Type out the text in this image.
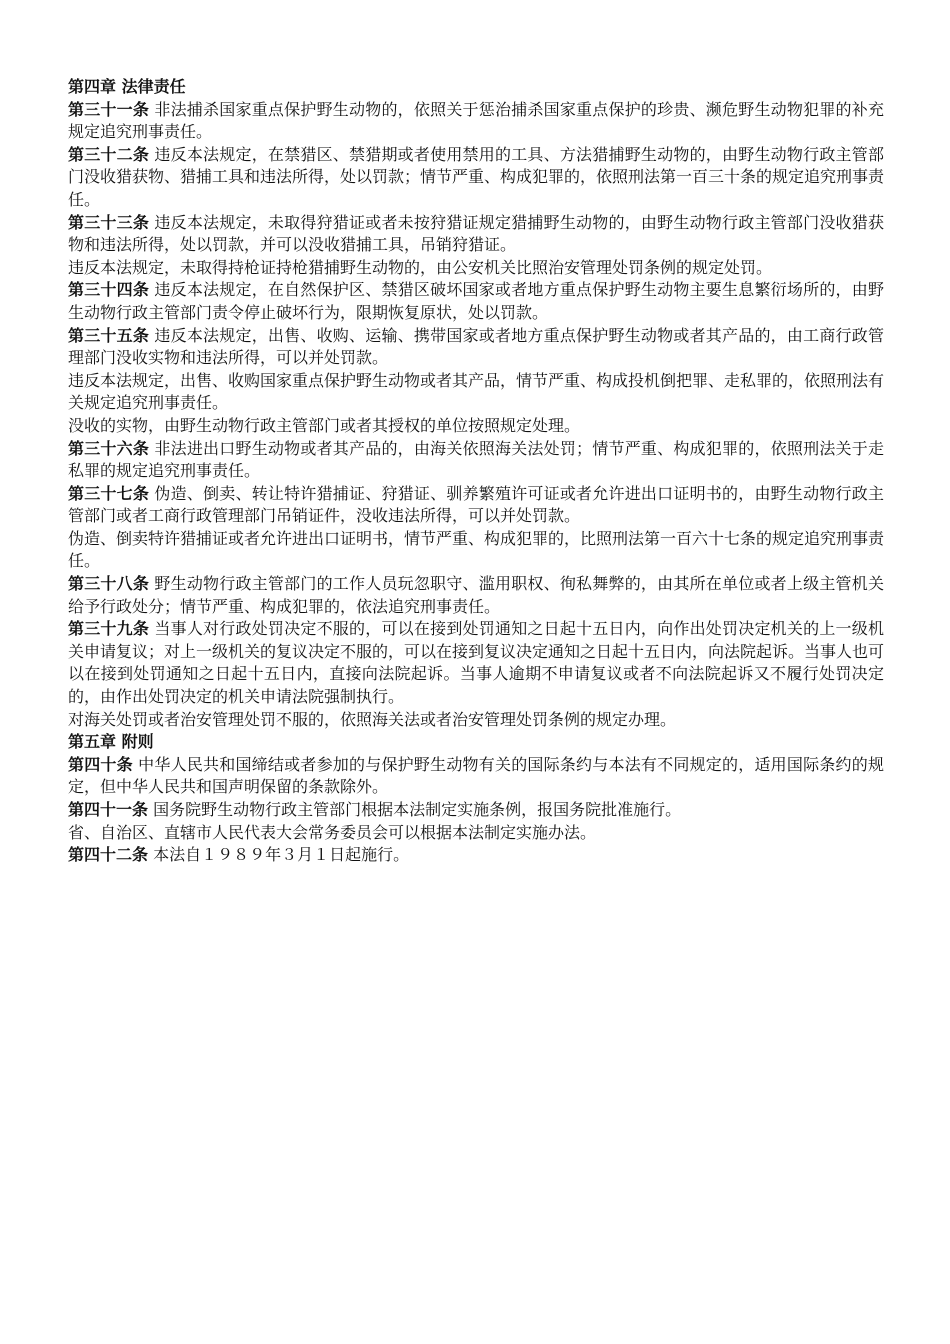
第四章 法律责任
第三十一条 非法捕杀国家重点保护野生动物的，依照关于惩治捕杀国家重点保护的珍贵、濒危野生动物犯罪的补充规定追究刑事责任。
第三十二条 违反本法规定，在禁猎区、禁猎期或者使用禁用的工具、方法猎捕野生动物的，由野生动物行政主管部门没收猎获物、猎捕工具和违法所得，处以罚款；情节严重、构成犯罪的，依照刑法第一百三十条的规定追究刑事责任。
第三十三条 违反本法规定，未取得狩猎证或者未按狩猎证规定猎捕野生动物的，由野生动物行政主管部门没收猎获物和违法所得，处以罚款，并可以没收猎捕工具，吊销狩猎证。
违反本法规定，未取得持枪证持枪猎捕野生动物的，由公安机关比照治安管理处罚条例的规定处罚。
第三十四条 违反本法规定，在自然保护区、禁猎区破坏国家或者地方重点保护野生动物主要生息繁衍场所的，由野生动物行政主管部门责令停止破坏行为，限期恢复原状，处以罚款。
第三十五条 违反本法规定，出售、收购、运输、携带国家或者地方重点保护野生动物或者其产品的，由工商行政管理部门没收实物和违法所得，可以并处罚款。
违反本法规定，出售、收购国家重点保护野生动物或者其产品，情节严重、构成投机倒把罪、走私罪的，依照刑法有关规定追究刑事责任。
没收的实物，由野生动物行政主管部门或者其授权的单位按照规定处理。
第三十六条 非法进出口野生动物或者其产品的，由海关依照海关法处罚；情节严重、构成犯罪的，依照刑法关于走私罪的规定追究刑事责任。
第三十七条 伪造、倒卖、转让特许猎捕证、狩猎证、驯养繁殖许可证或者允许进出口证明书的，由野生动物行政主管部门或者工商行政管理部门吊销证件，没收违法所得，可以并处罚款。
伪造、倒卖特许猎捕证或者允许进出口证明书，情节严重、构成犯罪的，比照刑法第一百六十七条的规定追究刑事责任。
第三十八条 野生动物行政主管部门的工作人员玩忽职守、滥用职权、徇私舞弊的，由其所在单位或者上级主管机关给予行政处分；情节严重、构成犯罪的，依法追究刑事责任。
第三十九条 当事人对行政处罚决定不服的，可以在接到处罚通知之日起十五日内，向作出处罚决定机关的上一级机关申请复议；对上一级机关的复议决定不服的，可以在接到复议决定通知之日起十五日内，向法院起诉。当事人也可以在接到处罚通知之日起十五日内，直接向法院起诉。当事人逾期不申请复议或者不向法院起诉又不履行处罚决定的，由作出处罚决定的机关申请法院强制执行。
对海关处罚或者治安管理处罚不服的，依照海关法或者治安管理处罚条例的规定办理。
第五章 附则
第四十条 中华人民共和国缔结或者参加的与保护野生动物有关的国际条约与本法有不同规定的，适用国际条约的规定，但中华人民共和国声明保留的条款除外。
第四十一条 国务院野生动物行政主管部门根据本法制定实施条例，报国务院批准施行。
省、自治区、直辖市人民代表大会常务委员会可以根据本法制定实施办法。
第四十二条 本法自１９８９年３月１日起施行。
